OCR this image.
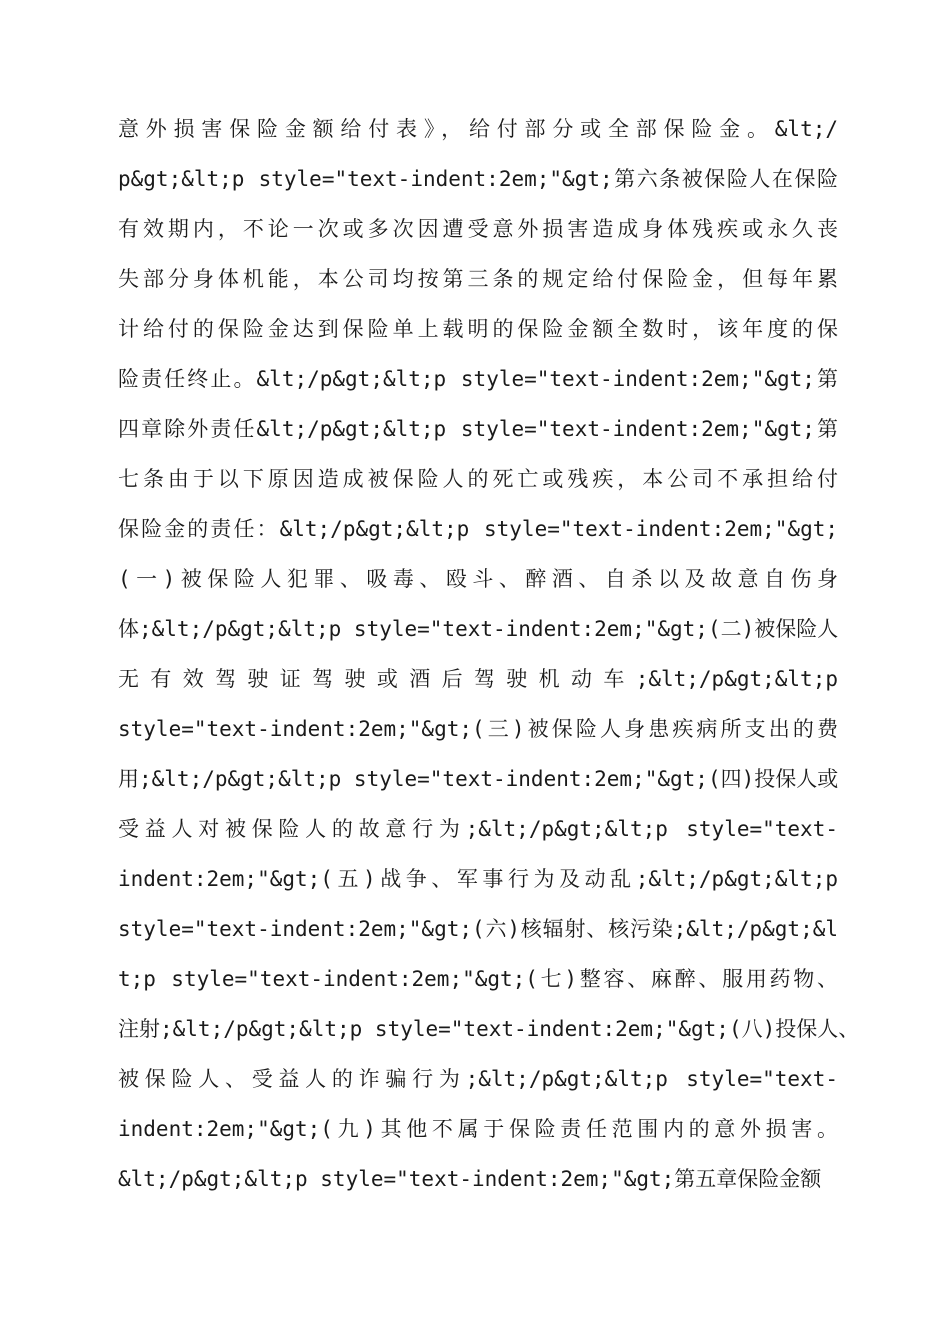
意外损害保险金额给付表》，给付部分或全部保险金。&lt;/
p&gt;&lt;p style="text-indent:2em;"&gt;第六条被保险人在保险
有效期内，不论一次或多次因遭受意外损害造成身体残疾或永久丧
失部分身体机能，本公司均按第三条的规定给付保险金，但每年累
计给付的保险金达到保险单上载明的保险金额全数时，该年度的保
险责任终止。&lt;/p&gt;&lt;p style="text-indent:2em;"&gt;第
四章除外责任&lt;/p&gt;&lt;p style="text-indent:2em;"&gt;第
七条由于以下原因造成被保险人的死亡或残疾，本公司不承担给付
保险金的责任：&lt;/p&gt;&lt;p style="text-indent:2em;"&gt;
(一)被保险人犯罪、吸毒、殴斗、醉酒、自杀以及故意自伤身
体;&lt;/p&gt;&lt;p style="text-indent:2em;"&gt;(二)被保险人
无有效驾驶证驾驶或酒后驾驶机动车;&lt;/p&gt;&lt;p
style="text-indent:2em;"&gt;(三)被保险人身患疾病所支出的费
用;&lt;/p&gt;&lt;p style="text-indent:2em;"&gt;(四)投保人或
受益人对被保险人的故意行为;&lt;/p&gt;&lt;p style="text-
indent:2em;"&gt;(五)战争、军事行为及动乱;&lt;/p&gt;&lt;p
style="text-indent:2em;"&gt;(六)核辐射、核污染;&lt;/p&gt;&l
t;p style="text-indent:2em;"&gt;(七)整容、麻醉、服用药物、
注射;&lt;/p&gt;&lt;p style="text-indent:2em;"&gt;(八)投保人、
被保险人、受益人的诈骗行为;&lt;/p&gt;&lt;p style="text-
indent:2em;"&gt;(九)其他不属于保险责任范围内的意外损害。
&lt;/p&gt;&lt;p style="text-indent:2em;"&gt;第五章保险金额
